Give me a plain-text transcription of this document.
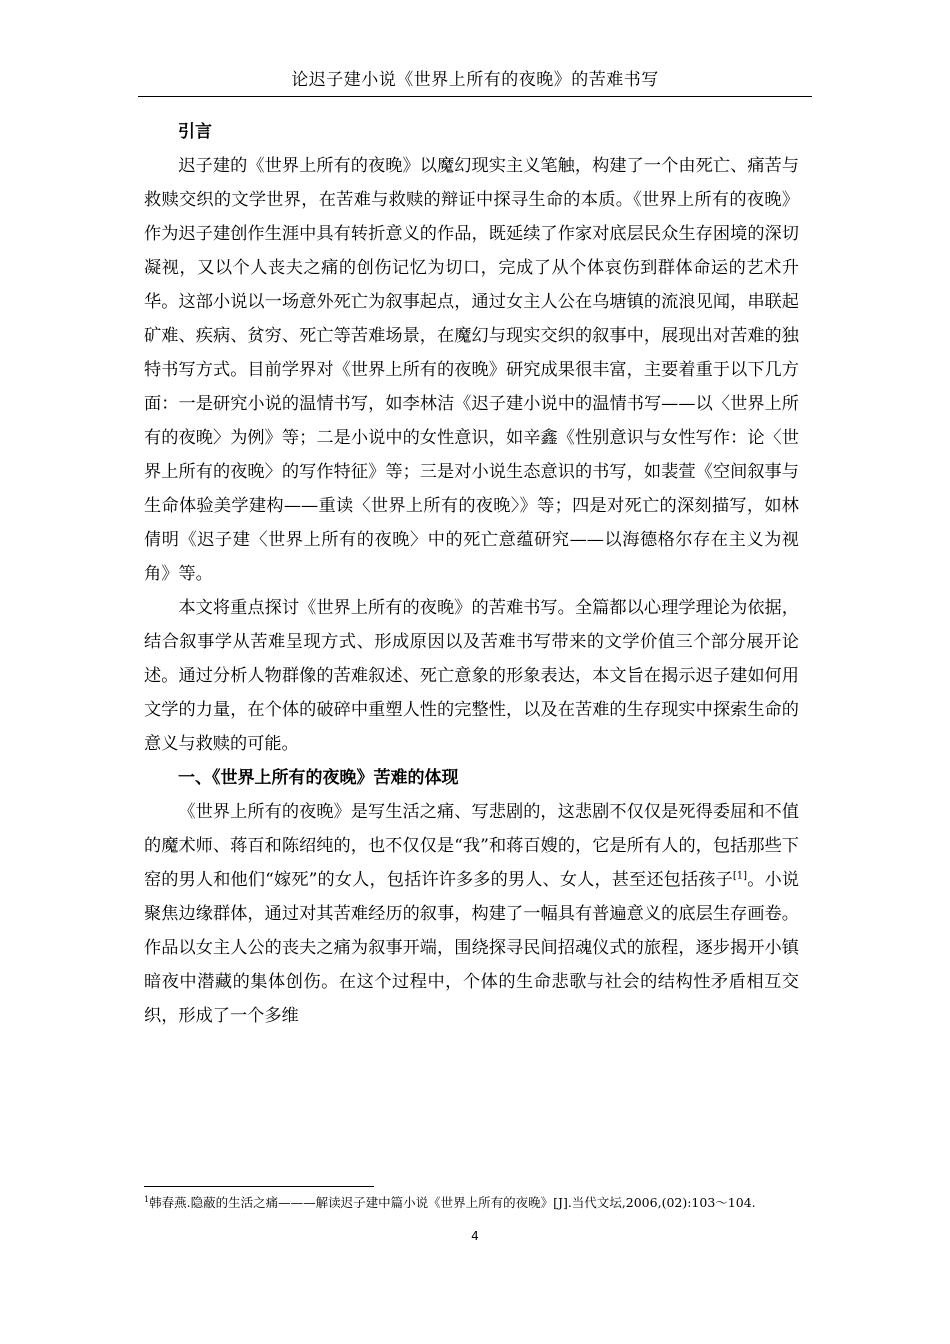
论迟子建小说《世界上所有的夜晚》的苦难书写
引言

迟子建的《世界上所有的夜晚》以魔幻现实主义笔触，构建了一个由死亡、痛苦与救赎交织的文学世界，在苦难与救赎的辩证中探寻生命的本质。《世界上所有的夜晚》作为迟子建创作生涯中具有转折意义的作品，既延续了作家对底层民众生存困境的深切凝视，又以个人丧夫之痛的创伤记忆为切口，完成了从个体哀伤到群体命运的艺术升华。这部小说以一场意外死亡为叙事起点，通过女主人公在乌塘镇的流浪见闻，串联起矿难、疾病、贫穷、死亡等苦难场景，在魔幻与现实交织的叙事中，展现出对苦难的独特书写方式。目前学界对《世界上所有的夜晚》研究成果很丰富，主要着重于以下几方面：一是研究小说的温情书写，如李林洁《迟子建小说中的温情书写——以〈世界上所有的夜晚〉为例》等；二是小说中的女性意识，如辛鑫《性别意识与女性写作：论〈世界上所有的夜晚〉的写作特征》等；三是对小说生态意识的书写，如裴萱《空间叙事与生命体验美学建构——重读〈世界上所有的夜晚〉》等；四是对死亡的深刻描写，如林倩明《迟子建〈世界上所有的夜晚〉中的死亡意蕴研究——以海德格尔存在主义为视角》等。

本文将重点探讨《世界上所有的夜晚》的苦难书写。全篇都以心理学理论为依据，结合叙事学从苦难呈现方式、形成原因以及苦难书写带来的文学价值三个部分展开论述。通过分析人物群像的苦难叙述、死亡意象的形象表达，本文旨在揭示迟子建如何用文学的力量，在个体的破碎中重塑人性的完整性，以及在苦难的生存现实中探索生命的意义与救赎的可能。

一、《世界上所有的夜晚》苦难的体现

《世界上所有的夜晚》是写生活之痛、写悲剧的，这悲剧不仅仅是死得委屈和不值的魔术师、蒋百和陈绍纯的，也不仅仅是“我”和蒋百嫂的，它是所有人的，包括那些下窑的男人和他们“嫁死”的女人，包括许许多多的男人、女人，甚至还包括孩子[1]。小说聚焦边缘群体，通过对其苦难经历的叙事，构建了一幅具有普遍意义的底层生存画卷。作品以女主人公的丧夫之痛为叙事开端，围绕探寻民间招魂仪式的旅程，逐步揭开小镇暗夜中潜藏的集体创伤。在这个过程中，个体的生命悲歌与社会的结构性矛盾相互交织，形成了一个多维

$^1$韩春燕.隐蔽的生活之痛———解读迟子建中篇小说《世界上所有的夜晚》[J].当代文坛,2006,(02):103～104.
4
